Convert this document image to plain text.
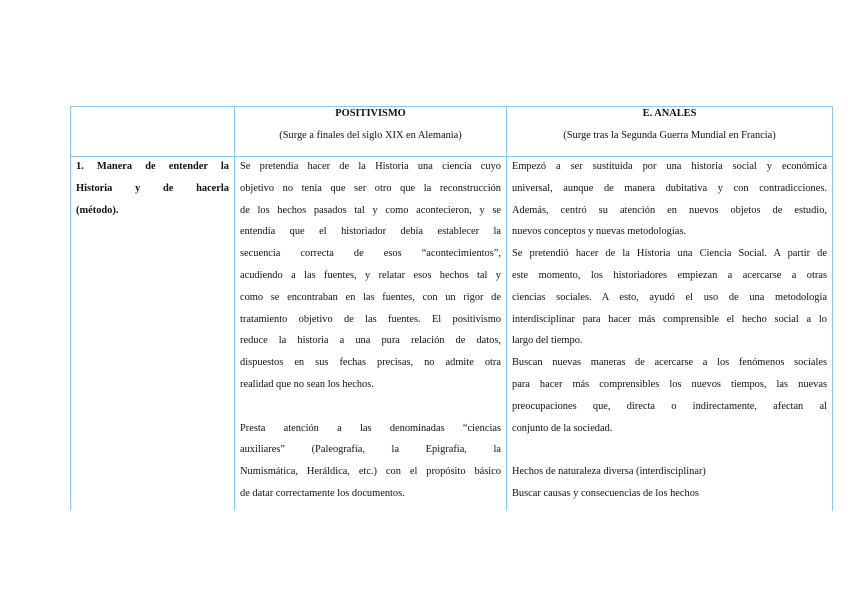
POSITIVISMO
(Surge a finales del siglo XIX en Alemania)
E. ANALES
(Surge tras la Segunda Guerra Mundial en Francia)
1. Manera de entender la
Historia y de hacerla
(método).
Se pretendía hacer de la Historia una ciencia cuyo
objetivo no tenía que ser otro que la reconstrucción
de los hechos pasados tal y como acontecieron, y se
entendía que el historiador debía establecer la
secuencia correcta de esos “acontecimientos”,
acudiendo a las fuentes, y relatar esos hechos tal y
como se encontraban en las fuentes, con un rigor de
tratamiento objetivo de las fuentes. El positivismo
reduce la historia a una pura relación de datos,
dispuestos en sus fechas precisas, no admite otra
realidad que no sean los hechos.

Presta atención a las denominadas “ciencias
auxiliares” (Paleografía, la Epigrafía, la
Numismática, Heráldica, etc.) con el propósito básico
de datar correctamente los documentos.
Empezó a ser sustituida por una historia social y económica
universal, aunque de manera dubitativa y con contradicciones.
Además, centró su atención en nuevos objetos de estudio,
nuevos conceptos y nuevas metodologías.
Se pretendió hacer de la Historia una Ciencia Social. A partir de
este momento, los historiadores empiezan a acercarse a otras
ciencias sociales. A esto, ayudó el uso de una metodología
interdisciplinar para hacer más comprensible el hecho social a lo
largo del tiempo.
Buscan nuevas maneras de acercarse a los fenómenos sociales
para hacer más comprensibles los nuevos tiempos, las nuevas
preocupaciones que, directa o indirectamente, afectan al
conjunto de la sociedad.

Hechos de naturaleza diversa (interdisciplinar)
Buscar causas y consecuencias de los hechos
